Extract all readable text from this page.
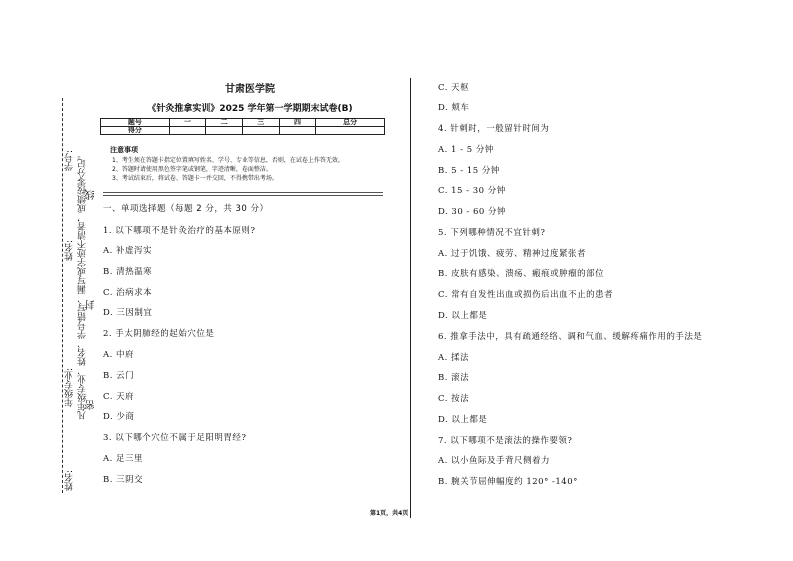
学号:
姓名:
年级专业:
姓名:
凡年级专业、姓名、学号错写、漏写或字迹不清者，成绩按零分记。
线
封
密
甘肃医学院
《针灸推拿实训》2025 学年第一学期期末试卷(B)
题号	一	二	三	四	总分
得分					
注意事项
1、考生须在答题卡指定位置填写姓名、学号、专业等信息，否则，在试卷上作答无效。
2、答题时请使用黑色签字笔或钢笔，字迹清晰，卷面整洁。
3、考试结束后，将试卷、答题卡一并交回，不得携带出考场。
一、单项选择题（每题 2 分，共 30 分）
1. 以下哪项不是针灸治疗的基本原则?
A. 补虚泻实
B. 清热温寒
C. 治病求本
D. 三因制宜
2. 手太阴肺经的起始穴位是
A. 中府
B. 云门
C. 天府
D. 少商
3. 以下哪个穴位不属于足阳明胃经?
A. 足三里
B. 三阴交
C. 天枢
D. 颊车
4. 针刺时，一般留针时间为
A. 1 - 5 分钟
B. 5 - 15 分钟
C. 15 - 30 分钟
D. 30 - 60 分钟
5. 下列哪种情况不宜针刺?
A. 过于饥饿、疲劳、精神过度紧张者
B. 皮肤有感染、溃疡、瘢痕或肿瘤的部位
C. 常有自发性出血或损伤后出血不止的患者
D. 以上都是
6. 推拿手法中，具有疏通经络、调和气血、缓解疼痛作用的手法是
A. 揉法
B. 滚法
C. 按法
D. 以上都是
7. 以下哪项不是滚法的操作要领?
A. 以小鱼际及手背尺侧着力
B. 腕关节屈伸幅度约 120° -140°
第1页，共4页
